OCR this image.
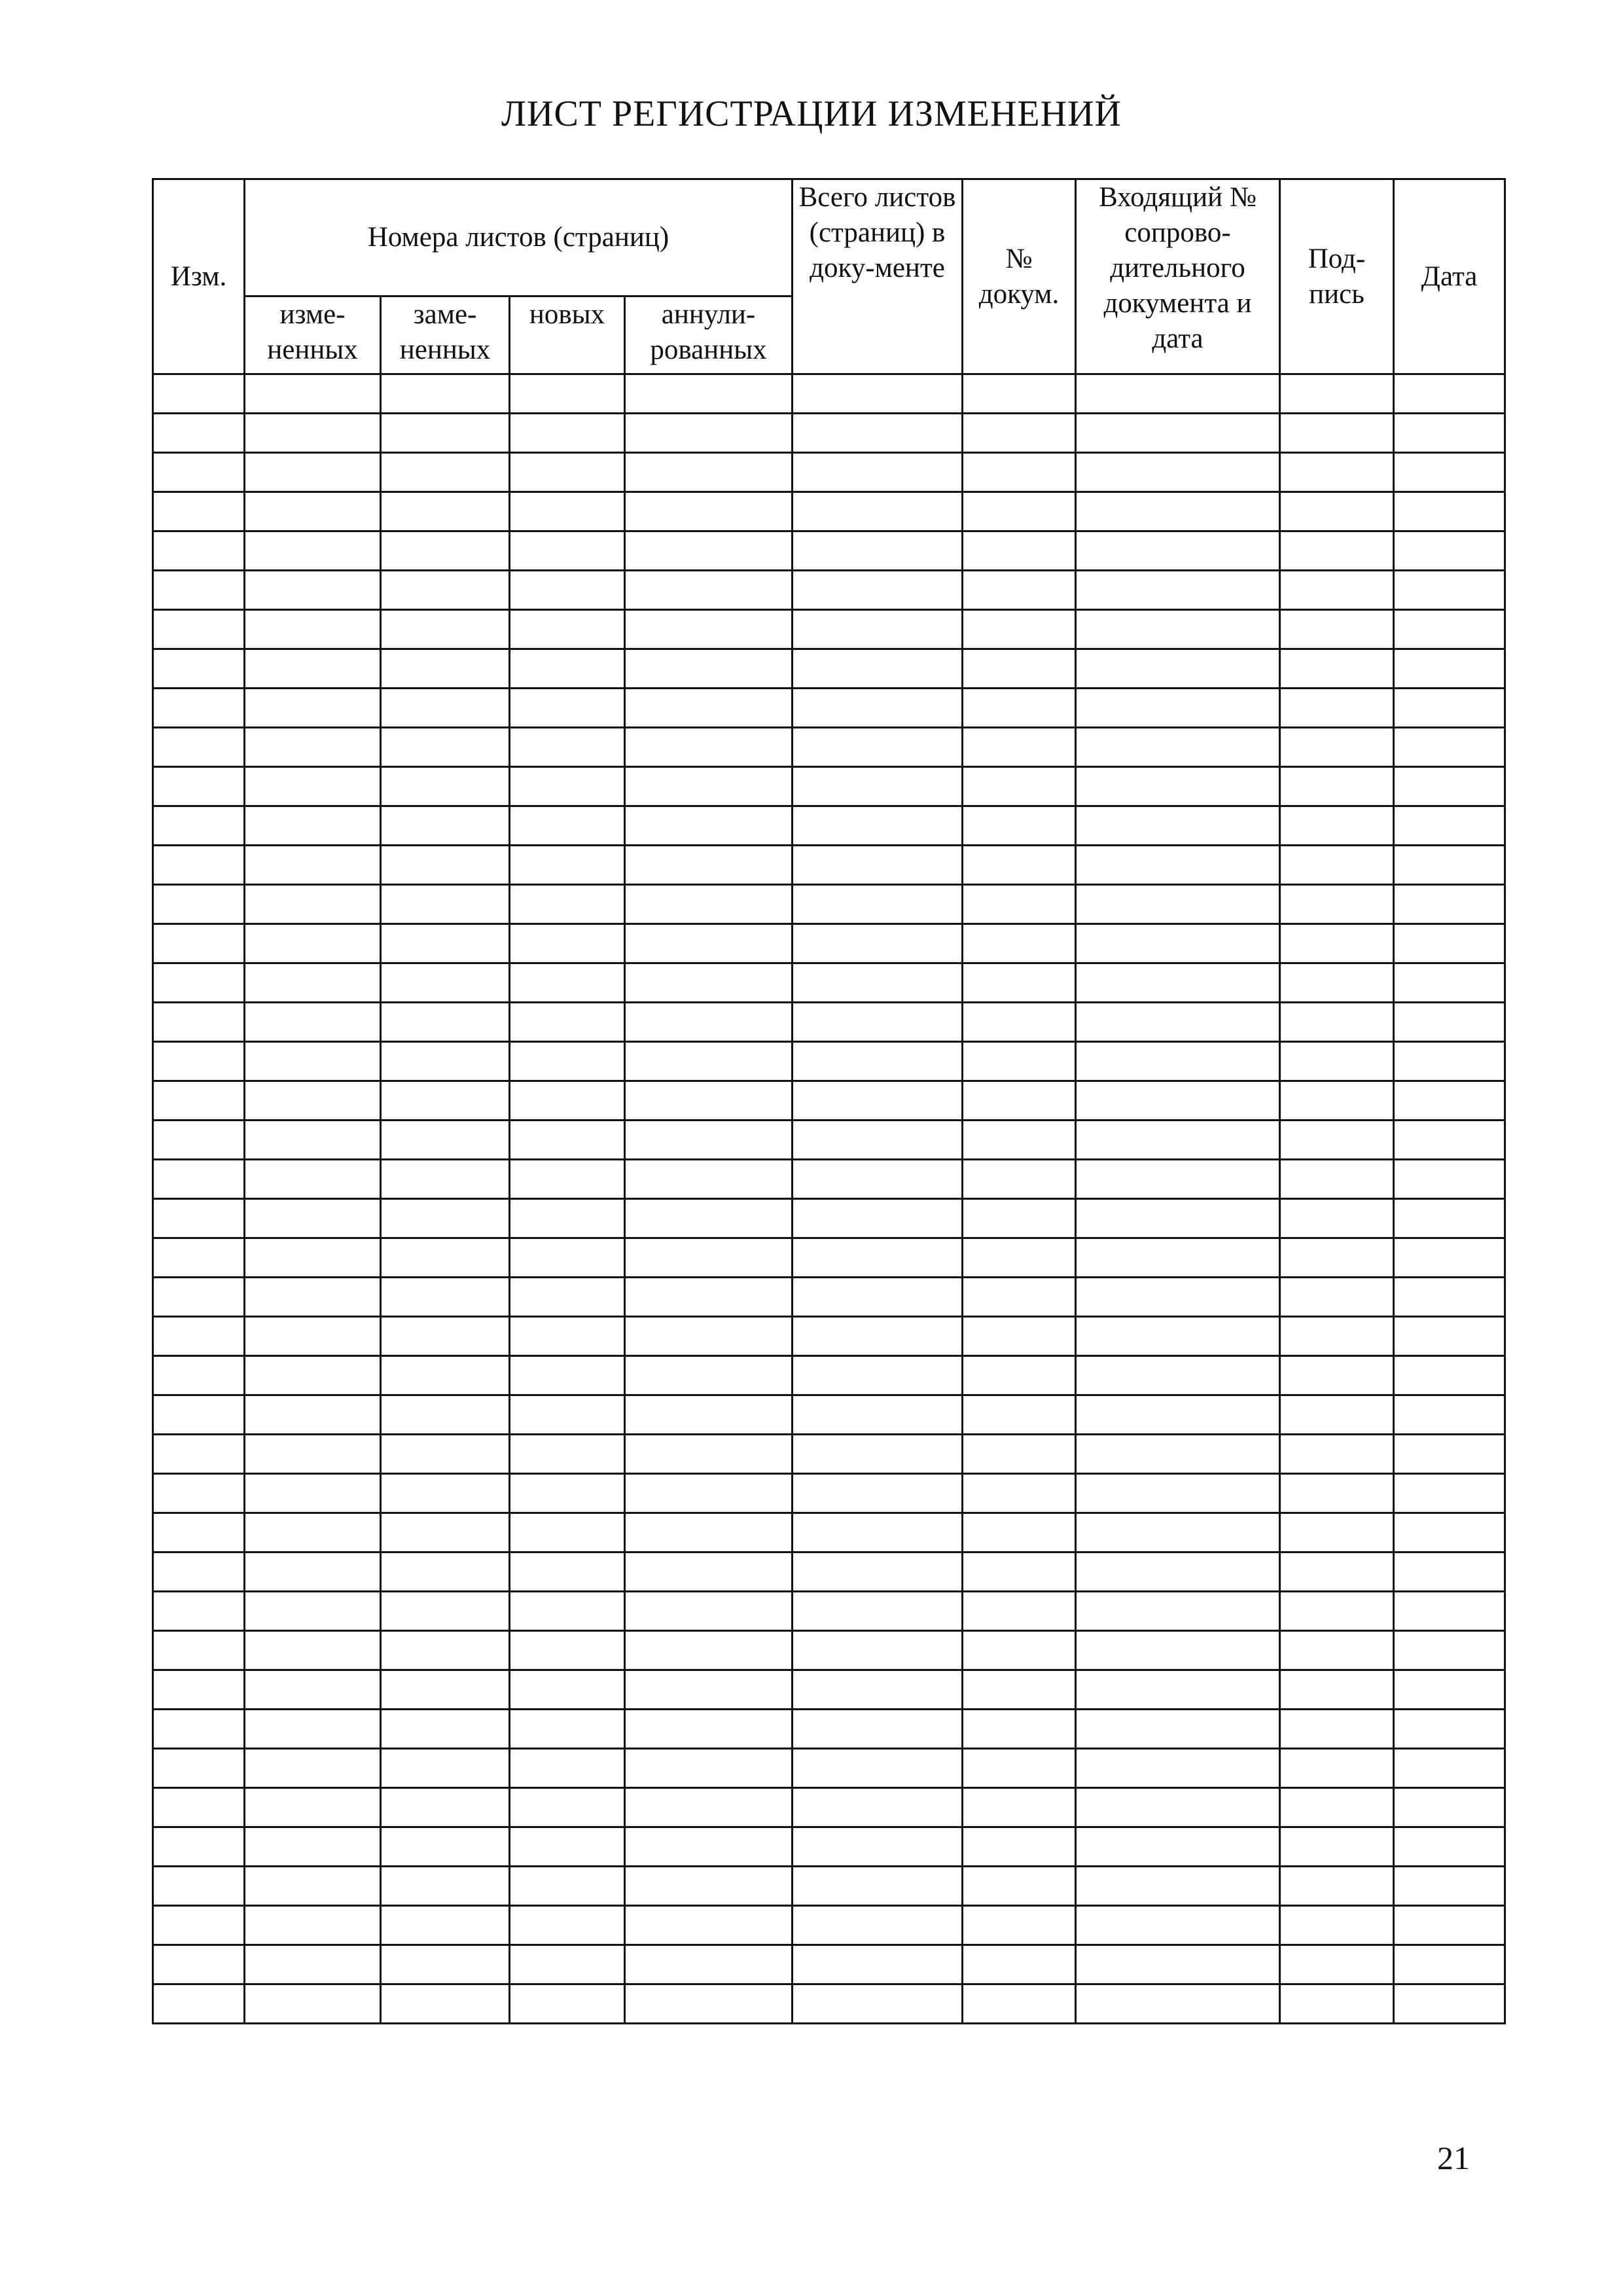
ЛИСТ РЕГИСТРАЦИИ ИЗМЕНЕНИЙ
Изм.	Номера листов (страниц)				Всего листов (страниц) в доку-менте	№ докум.	Входящий № сопрово-дительного документа и дата	Под-пись	Дата
	изме-ненных	заме-ненных	новых	аннули-рованных					

21
